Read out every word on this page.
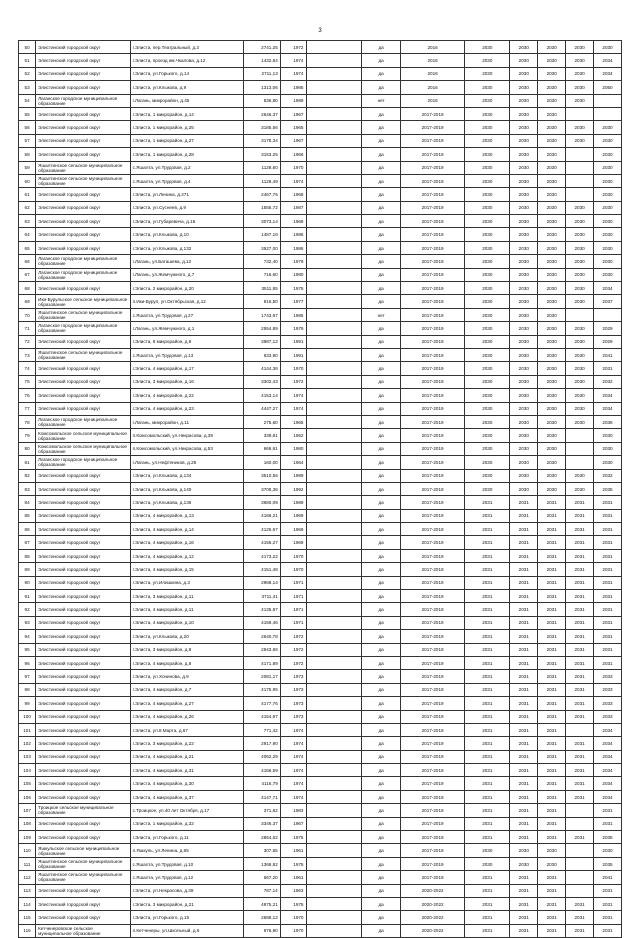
3
50	Элистинский городской округ	г.Элиста, пер.Театральный, д.3	2741,25	1972		да	2016	2030	2030	2030	2030	2030
51	Элистинский городской округ	г.Элиста, проезд им.Чкалова, д.12	1432,84	1974		да	2016	2030	2030	2030	2030	2034
52	Элистинский городской округ	г.Элиста, ул.Горького, д.14	2711,13	1974		да	2016	2030	2030	2030	2030	2034
53	Элистинский городской округ	г.Элиста, ул.Клыкова, д.9	1313,06	1985		да	2016	2030	2030	2030	2030	2050
54	Лаганское городское муниципальное образование	г.Лагань, микрорайон, д.45	836,80	1989		нет	2016	2030	2030	2030	2030	
55	Элистинский городской округ	г.Элиста, 1 микрорайон, д.14	2646,37	1967		да	2017-2019	2030	2030	2030		
56	Элистинский городской округ	г.Элиста, 1 микрорайон, д.25	3185,56	1965		да	2017-2019	2030	2030	2030	2030	2030
57	Элистинский городской округ	г.Элиста, 1 микрорайон, д.27	3178,34	1967		да	2017-2019	2030	2030	2030	2030	2030
58	Элистинский городской округ	г.Элиста, 1 микрорайон, д.28	3153,25	1966		да	2017-2019	2030	2030	2030		2030
59	Яшалтинское сельское муниципальное образование	с.Яшалта, ул.Трудовая, д.2	1128,60	1970		да	2017-2019	2030	2030	2030		2030
60	Яшалтинское сельское муниципальное образование	с.Яшалта, ул.Трудовая, д.4	1128,49	1974		да	2017-2019	2030	2030	2030		2030
61	Элистинский городской округ	г.Элиста, ул.Ленина, д.271	2467,75	1968		да	2017-2019	2030	2030	2030		2030
62	Элистинский городской округ	г.Элиста, ул.Суснеев, д.9	1555,72	1987		да	2017-2019	2030	2030	2030	2030	2030
63	Элистинский городской округ	г.Элиста, ул.Губаревича, д.16	3073,14	1968		да	2017-2019	2030	2030	2030	2030	2030
64	Элистинский городской округ	г.Элиста, ул.Клыкова, д.10	1487,16	1986		да	2017-2019	2030	2030	2030	2030	2030
65	Элистинский городской округ	г.Элиста, ул.Клыкова, д.132	3527,00	1986		да	2017-2019	2030	2030	2030	2030	2030
66	Лаганское городское муниципальное образование	г.Лагань, ул.Баташева, д.12	732,40	1979		да	2017-2019	2030	2030	2030	2030	2030
67	Лаганское городское муниципальное образование	г.Лагань, ул.Жемчужного, д.7	716,60	1980		да	2017-2019	2030	2030	2030	2030	2030
68	Элистинский городской округ	г.Элиста, 2 микрорайон, д.20	3511,85	1975		да	2017-2019	2030	2030	2030	2030	2034
69	Ики-Бурульское сельское муниципальное образование	п.Ики-Бурул, ул.Октябрьская, д.12	816,50	1977		да	2017-2019	2030	2030	2030	2030	2037
70	Яшалтинское сельское муниципальное образование	с.Яшалта, ул.Трудовая, д.27	1743,97	1985		нет	2017-2019	2030	2030	2030		
71	Лаганское городское муниципальное образование	г.Лагань, ул.Жемчужного, д.1	2554,89	1979		да	2017-2019	2030	2030	2030	2030	2029
72	Элистинский городской округ	г.Элиста, 8 микрорайон, д.8	3987,12	1991		да	2017-2019	2030	2030	2030	2030	2029
73	Яшалтинское сельское муниципальное образование	с.Яшалта, ул.Трудовая, д.13	633,90	1991		да	2017-2019	2030	2030	2030	2030	2041
74	Элистинский городской округ	г.Элиста, 4 микрорайон, д.17	4144,36	1970		да	2017-2019	2030	2030	2030	2030	2031
75	Элистинский городской округ	г.Элиста, 3 микрорайон, д.16	3302,43	1972		да	2017-2019	2030	2030	2030	2030	2032
76	Элистинский городской округ	г.Элиста, 4 микрорайон, д.22	4153,14	1974		да	2017-2019	2030	2030	2030	2030	2034
77	Элистинский городской округ	г.Элиста, 4 микрорайон, д.23	4447,27	1974		да	2017-2019	2030	2030	2030	2030	2034
78	Лаганское городское муниципальное образование	г.Лагань, микрорайон, д.11	275,60	1965		да	2017-2019	2030	2030	2030	2030	2036
79	Комсомольское сельское муниципальное образование	п.Комсомольский, ул.Некрасова, д.39	339,81	1962		да	2017-2019	2030	2030	2030		2030
80	Комсомольское сельское муниципальное образование	п.Комсомольский, ул.Некрасова, д.53	666,61	1980		да	2017-2019	2030	2030	2030		2030
81	Лаганское городское муниципальное образование	г.Лагань, ул.Нефтяников, д.28	160,00	1964		да	2017-2019	2030	2030	2030		2030
82	Элистинский городской округ	г.Элиста, ул.Клыкова, д.134	3510,56	1989		да	2017-2019	2030	2030	2030	2030	2032
83	Элистинский городской округ	г.Элиста, ул.Клыкова, д.140	3709,36	1992		да	2017-2019	2030	2030	2030	2030	2035
84	Элистинский городской округ	г.Элиста, ул.Клыкова, д.136	3680,09	1989		да	2017-2019	2031	2031	2031	2031	2031
85	Элистинский городской округ	г.Элиста, 4 микрорайон, д.13	4166,21	1969		да	2017-2019	2031	2031	2031	2031	2031
86	Элистинский городской округ	г.Элиста, 4 микрорайон, д.14	4126,67	1969		да	2017-2019	2031	2031	2031	2031	2031
87	Элистинский городской округ	г.Элиста, 4 микрорайон, д.16	4155,27	1969		да	2017-2019	2031	2031	2031	2031	2031
88	Элистинский городской округ	г.Элиста, 4 микрорайон, д.12	4173,22	1970		да	2017-2019	2031	2031	2031	2031	2031
89	Элистинский городской округ	г.Элиста, 4 микрорайон, д.15	4151,48	1970		да	2017-2019	2031	2031	2031	2031	2031
90	Элистинский городской округ	г.Элиста, ул.Илишкина, д.3	2968,14	1971		да	2017-2019	2031	2031	2031	2031	2031
91	Элистинский городской округ	г.Элиста, 3 микрорайон, д.11	3711,41	1971		да	2017-2019	2031	2031	2031	2031	2031
92	Элистинский городской округ	г.Элиста, 4 микрорайон, д.11	4135,87	1971		да	2017-2019	2031	2031	2031	2031	2031
93	Элистинский городской округ	г.Элиста, 4 микрорайон, д.10	4159,46	1971		да	2017-2019	2031	2031	2031	2031	2031
94	Элистинский городской округ	г.Элиста, ул.Клыкова, д.20	2640,78	1972		да	2017-2019	2031	2031	2031	2031	2031
95	Элистинский городской округ	г.Элиста, 3 микрорайон, д.8	2943,66	1972		да	2017-2019	2031	2031	2031	2031	2031
96	Элистинский городской округ	г.Элиста, 4 микрорайон, д.8	4171,89	1972		да	2017-2019	2031	2031	2031	2031	2031
97	Элистинский городской округ	г.Элиста, ул.Хонинова, д.9	2081,17	1973		да	2017-2019	2031	2031	2031	2031	2033
98	Элистинский городской округ	г.Элиста, 4 микрорайон, д.7	4175,95	1973		да	2017-2019	2031	2031	2031	2031	2033
99	Элистинский городской округ	г.Элиста, 4 микрорайон, д.27	4177,76	1973		да	2017-2019	2031	2031	2031	2031	2033
100	Элистинский городской округ	г.Элиста, 4 микрорайон, д.26	4154,97	1973		да	2017-2019	2031	2031	2031	2031	2033
101	Элистинский городской округ	г.Элиста, ул.8 Марта, д.67	771,42	1974		да	2017-2019	2031	2031	2031		2034
102	Элистинский городской округ	г.Элиста, 3 микрорайон, д.22	2917,90	1974		да	2017-2019	2031	2031	2031	2031	2034
103	Элистинский городской округ	г.Элиста, 4 микрорайон, д.21	4062,29	1974		да	2017-2019	2031	2031	2031	2031	2034
104	Элистинский городской округ	г.Элиста, 4 микрорайон, д.31	4166,59	1974		да	2017-2019	2031	2031	2031	2031	2034
105	Элистинский городской округ	г.Элиста, 4 микрорайон, д.30	4116,79	1974		да	2017-2019	2031	2031	2031	2031	2034
106	Элистинский городской округ	г.Элиста, 4 микрорайон, д.37	4147,71	1974		да	2017-2019	2031	2031	2031	2031	2034
107	Троицкое сельское муниципальное образование	с.Троицкое, ул.40 лет Октября, д.17	371,62	1983		да	2017-2019	2031	2031	2031		2031
108	Элистинский городской округ	г.Элиста, 1 микрорайон, д.32	3346,37	1967		да	2017-2019	2031	2031	2031		2031
109	Элистинский городской округ	г.Элиста, ул.Горького, д.11	2864,52	1975		да	2017-2019	2031	2031	2031	2031	2035
110	Яшкульское сельское муниципальное образование	п.Яшкуль, ул.Ленина, д.65	307,55	1961		да	2017-2019	2030	2030	2030		2030
111	Яшалтинское сельское муниципальное образование	с.Яшалта, ул.Трудовая, д.10	1368,82	1975		да	2017-2019	2030	2030	2030		2035
112	Яшалтинское сельское муниципальное образование	с.Яшалта, ул.Трудовая, д.12	667,20	1961		да	2017-2019	2031	2031	2031		2041
113	Элистинский городской округ	г.Элиста, ул.Некрасова, д.39	787,14	1963		да	2020-2022	2031	2031	2031		2031
114	Элистинский городской округ	г.Элиста, 3 микрорайон, д.21	4875,21	1975		да	2020-2022	2031	2031	2031	2031	2031
115	Элистинский городской округ	г.Элиста, ул.Горького, д.15	2688,12	1970		да	2020-2022	2031	2031	2031	2031	2031
116	Кетченеровское сельское муниципальное образование	п.Кетченеры, ул.Школьный, д.6	976,90	1970		да	2020-2022	2031	2031	2031	2031	2031
